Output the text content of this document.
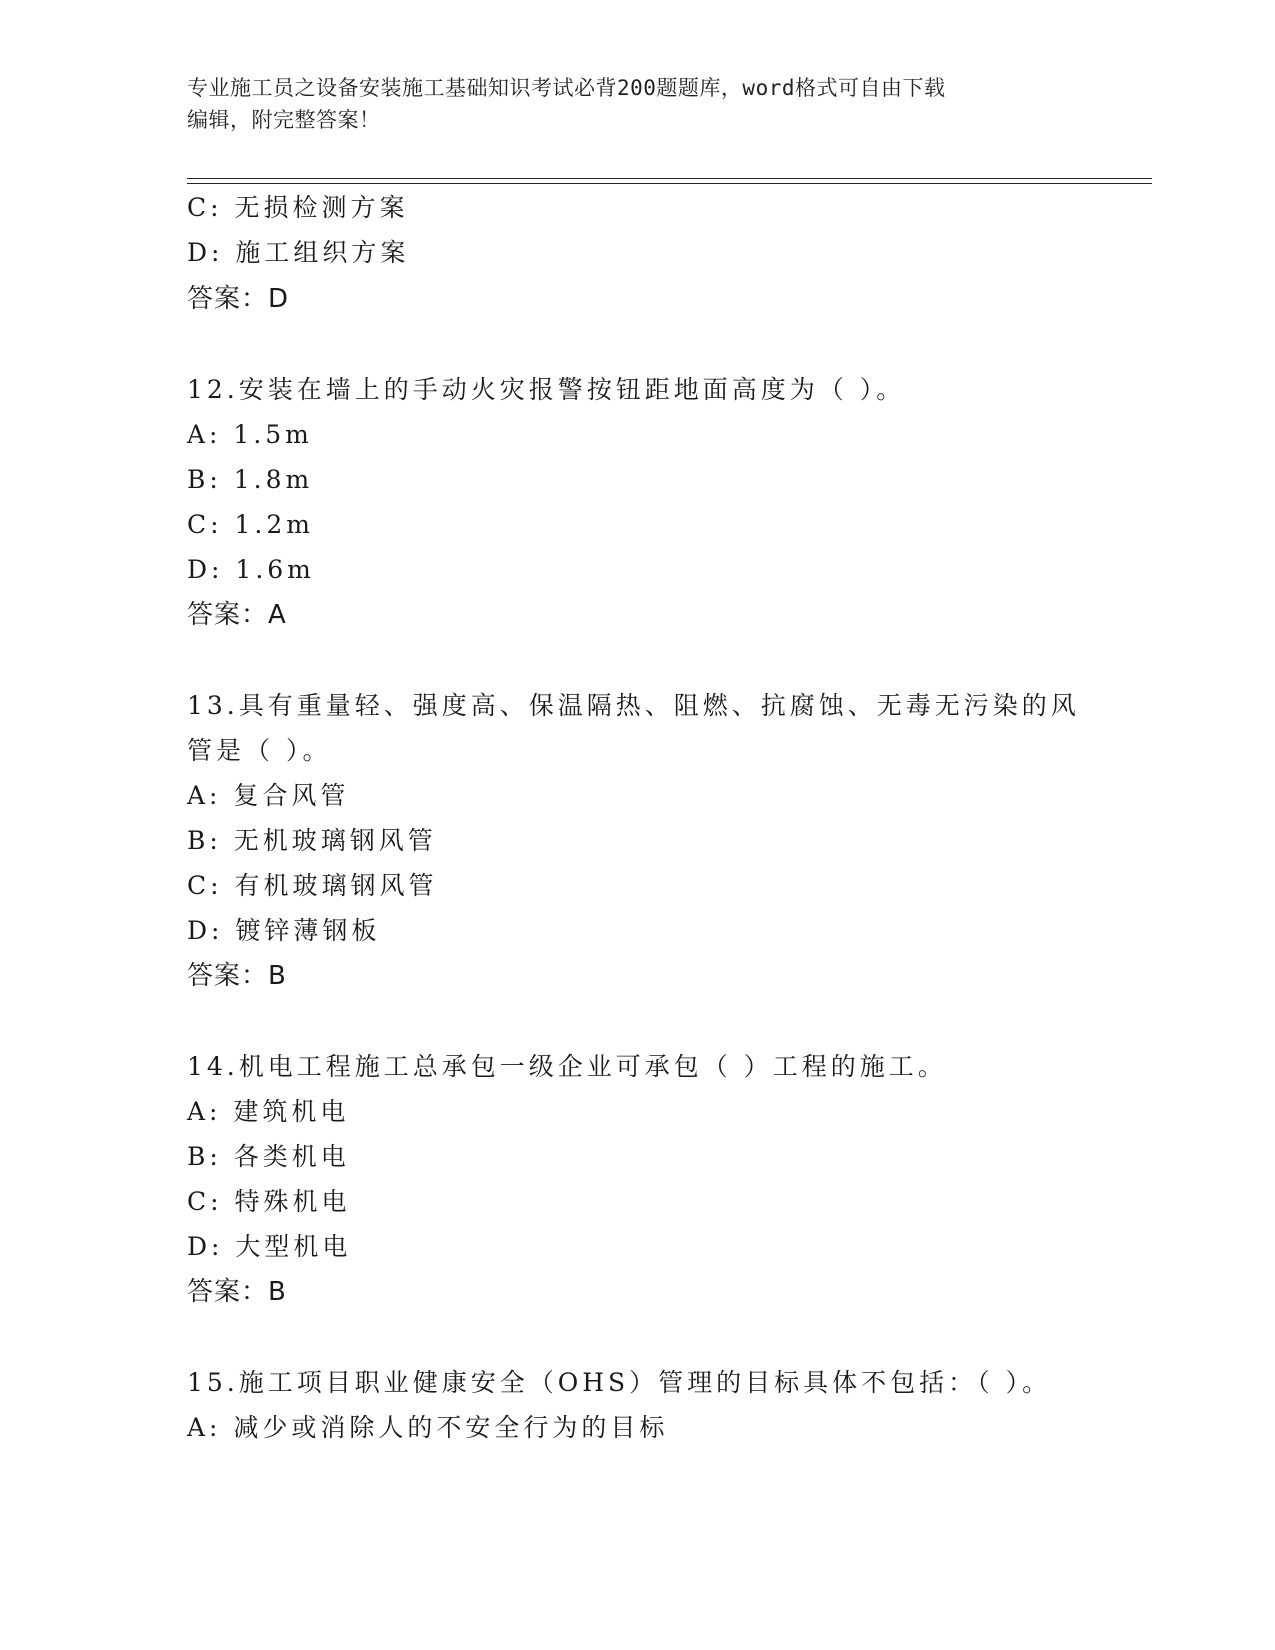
专业施工员之设备安装施工基础知识考试必背200题题库，word格式可自由下载
编辑，附完整答案！
C: 无损检测方案
D: 施工组织方案
答案：D
12.安装在墙上的手动火灾报警按钮距地面高度为（ ）。
A: 1.5m
B: 1.8m
C: 1.2m
D: 1.6m
答案：A
13.具有重量轻、强度高、保温隔热、阻燃、抗腐蚀、无毒无污染的风
管是（ ）。
A: 复合风管
B: 无机玻璃钢风管
C: 有机玻璃钢风管
D: 镀锌薄钢板
答案：B
14.机电工程施工总承包一级企业可承包（ ）工程的施工。
A: 建筑机电
B: 各类机电
C: 特殊机电
D: 大型机电
答案：B
15.施工项目职业健康安全（OHS）管理的目标具体不包括：（ ）。
A: 减少或消除人的不安全行为的目标
